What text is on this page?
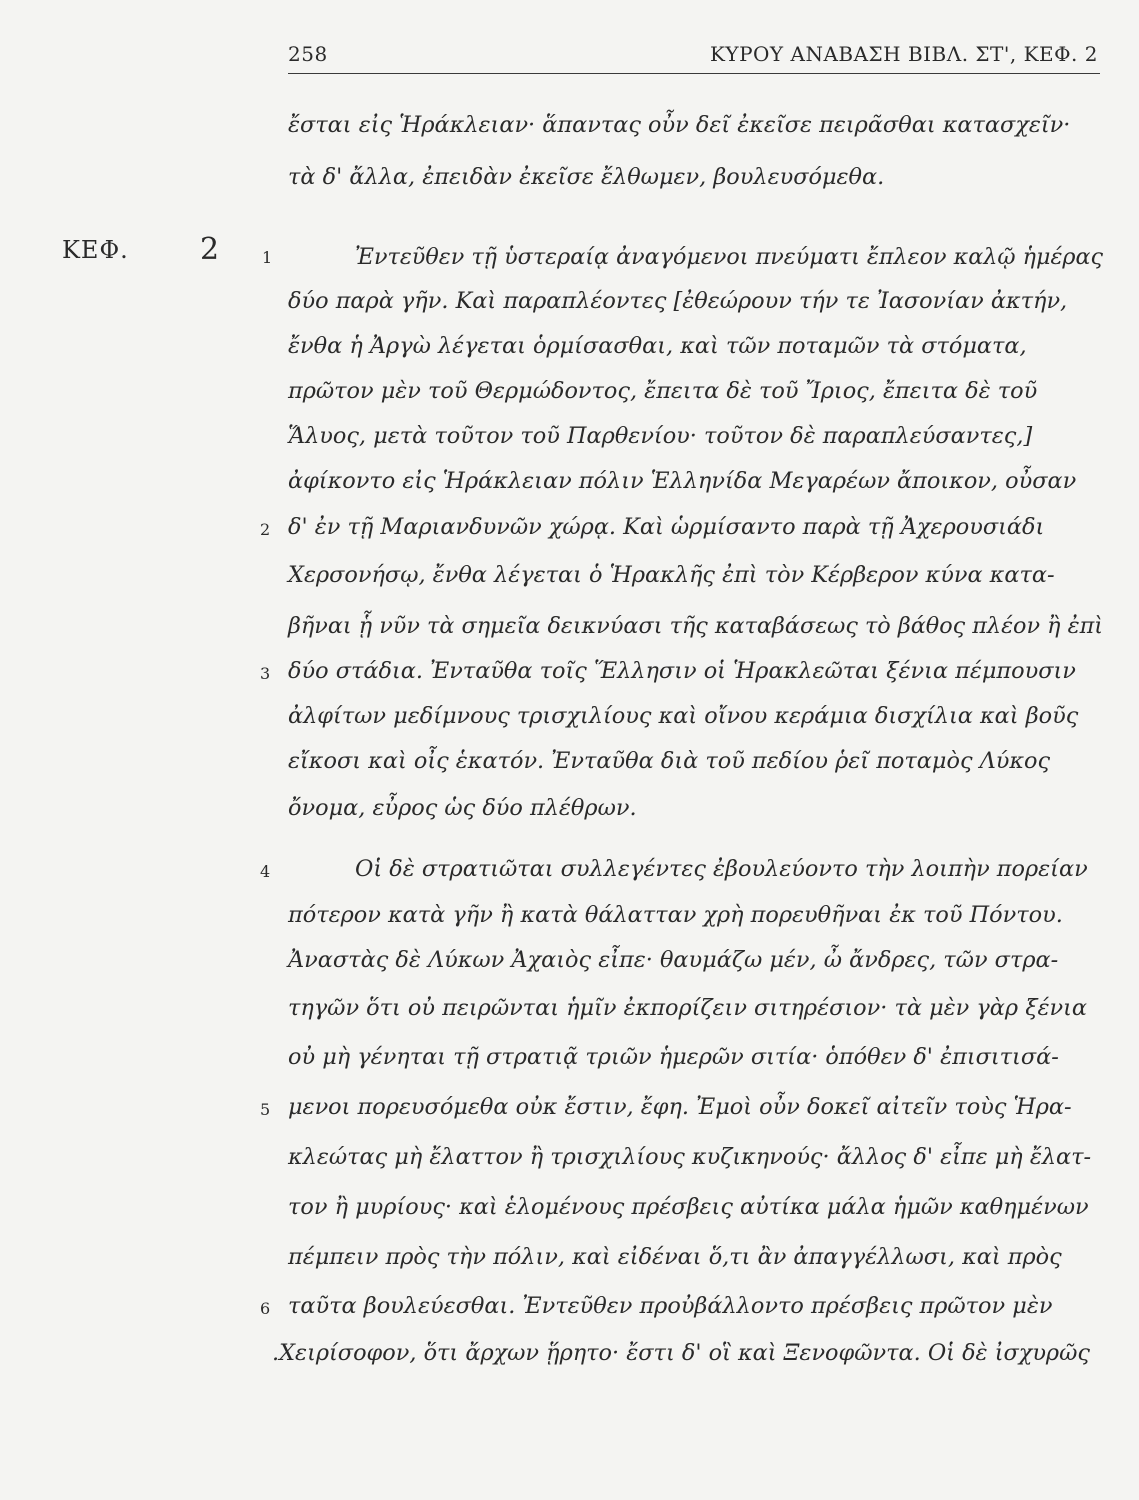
258	ΚΥΡΟΥ ΑΝΑΒΑΣΗ ΒΙΒΛ. ΣΤ', ΚΕΦ. 2
ΚΕΦ. 2	1
2
3
4
5
6
ἔσται εἰς Ἡράκλειαν· ἅπαντας οὖν δεῖ ἐκεῖσε πειρᾶσθαι κατασχεῖν·
τὰ δ' ἄλλα, ἐπειδὰν ἐκεῖσε ἔλθωμεν, βουλευσόμεθα.
Ἐντεῦθεν τῇ ὑστεραίᾳ ἀναγόμενοι πνεύματι ἔπλεον καλῷ ἡμέρας
δύο παρὰ γῆν. Καὶ παραπλέοντες [ἐθεώρουν τήν τε Ἰασονίαν ἀκτήν,
ἔνθα ἡ Ἀργὼ λέγεται ὁρμίσασθαι, καὶ τῶν ποταμῶν τὰ στόματα,
πρῶτον μὲν τοῦ Θερμώδοντος, ἔπειτα δὲ τοῦ Ἴριος, ἔπειτα δὲ τοῦ
Ἅλυος, μετὰ τοῦτον τοῦ Παρθενίου· τοῦτον δὲ παραπλεύσαντες,]
ἀφίκοντο εἰς Ἡράκλειαν πόλιν Ἑλληνίδα Μεγαρέων ἄποικον, οὖσαν
δ' ἐν τῇ Μαριανδυνῶν χώρᾳ. Καὶ ὡρμίσαντο παρὰ τῇ Ἀχερουσιάδι
Χερσονήσῳ, ἔνθα λέγεται ὁ Ἡρακλῆς ἐπὶ τὸν Κέρβερον κύνα κατα-
βῆναι ᾗ νῦν τὰ σημεῖα δεικνύασι τῆς καταβάσεως τὸ βάθος πλέον ἢ ἐπὶ
δύο στάδια. Ἐνταῦθα τοῖς Ἕλλησιν οἱ Ἡρακλεῶται ξένια πέμπουσιν
ἀλφίτων μεδίμνους τρισχιλίους καὶ οἴνου κεράμια δισχίλια καὶ βοῦς
εἴκοσι καὶ οἶς ἑκατόν. Ἐνταῦθα διὰ τοῦ πεδίου ῥεῖ ποταμὸς Λύκος
ὄνομα, εὖρος ὡς δύο πλέθρων.
Οἱ δὲ στρατιῶται συλλεγέντες ἐβουλεύοντο τὴν λοιπὴν πορείαν
πότερον κατὰ γῆν ἢ κατὰ θάλατταν χρὴ πορευθῆναι ἐκ τοῦ Πόντου.
Ἀναστὰς δὲ Λύκων Ἀχαιὸς εἶπε· θαυμάζω μέν, ὦ ἄνδρες, τῶν στρα-
τηγῶν ὅτι οὐ πειρῶνται ἡμῖν ἐκπορίζειν σιτηρέσιον· τὰ μὲν γὰρ ξένια
οὐ μὴ γένηται τῇ στρατιᾷ τριῶν ἡμερῶν σιτία· ὁπόθεν δ' ἐπισιτισά-
μενοι πορευσόμεθα οὐκ ἔστιν, ἔφη. Ἐμοὶ οὖν δοκεῖ αἰτεῖν τοὺς Ἡρα-
κλεώτας μὴ ἔλαττον ἢ τρισχιλίους κυζικηνούς· ἄλλος δ' εἶπε μὴ ἔλατ-
τον ἢ μυρίους· καὶ ἑλομένους πρέσβεις αὐτίκα μάλα ἡμῶν καθημένων
πέμπειν πρὸς τὴν πόλιν, καὶ εἰδέναι ὅ,τι ἂν ἀπαγγέλλωσι, καὶ πρὸς
ταῦτα βουλεύεσθαι. Ἐντεῦθεν προὐβάλλοντο πρέσβεις πρῶτον μὲν
.Χειρίσοφον, ὅτι ἄρχων ᾕρητο· ἔστι δ' οἳ καὶ Ξενοφῶντα. Οἱ δὲ ἰσχυρῶς
